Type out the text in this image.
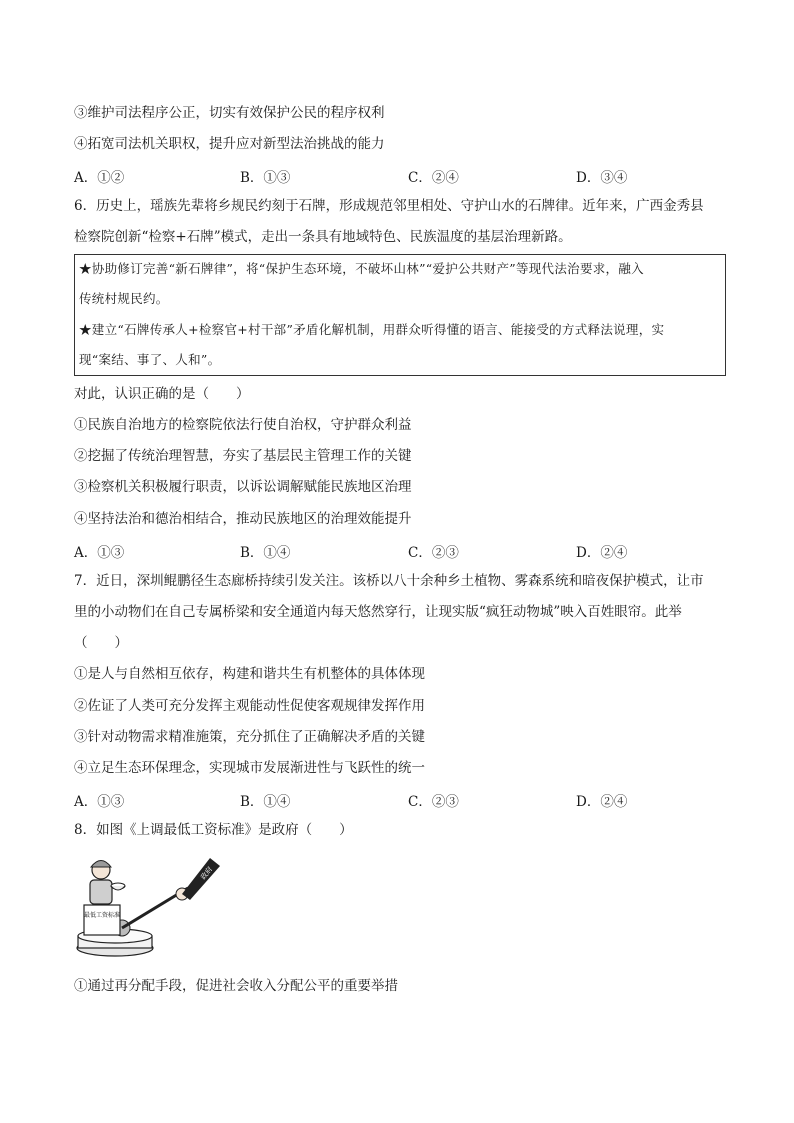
③维护司法程序公正，切实有效保护公民的程序权利
④拓宽司法机关职权，提升应对新型法治挑战的能力
A．①②	B．①③	C．②④	D．③④
6．历史上，瑶族先辈将乡规民约刻于石牌，形成规范邻里相处、守护山水的石牌律。近年来，广西金秀县
检察院创新“检察+石牌”模式，走出一条具有地域特色、民族温度的基层治理新路。
★协助修订完善“新石牌律”，将“保护生态环境，不破坏山林”“爱护公共财产”等现代法治要求，融入
传统村规民约。
★建立“石牌传承人+检察官+村干部”矛盾化解机制，用群众听得懂的语言、能接受的方式释法说理，实
现“案结、事了、人和”。
对此，认识正确的是（　　）
①民族自治地方的检察院依法行使自治权，守护群众利益
②挖掘了传统治理智慧，夯实了基层民主管理工作的关键
③检察机关积极履行职责，以诉讼调解赋能民族地区治理
④坚持法治和德治相结合，推动民族地区的治理效能提升
A．①③	B．①④	C．②③	D．②④
7．近日，深圳鲲鹏径生态廊桥持续引发关注。该桥以八十余种乡土植物、雾森系统和暗夜保护模式，让市
里的小动物们在自己专属桥梁和安全通道内每天悠然穿行，让现实版“疯狂动物城”映入百姓眼帘。此举
（　　）
①是人与自然相互依存，构建和谐共生有机整体的具体体现
②佐证了人类可充分发挥主观能动性促使客观规律发挥作用
③针对动物需求精准施策，充分抓住了正确解决矛盾的关键
④立足生态环保理念，实现城市发展渐进性与飞跃性的统一
A．①③	B．①④	C．②③	D．②④
8．如图《上调最低工资标准》是政府（　　）
最低工资标准
政府
①通过再分配手段，促进社会收入分配公平的重要举措
